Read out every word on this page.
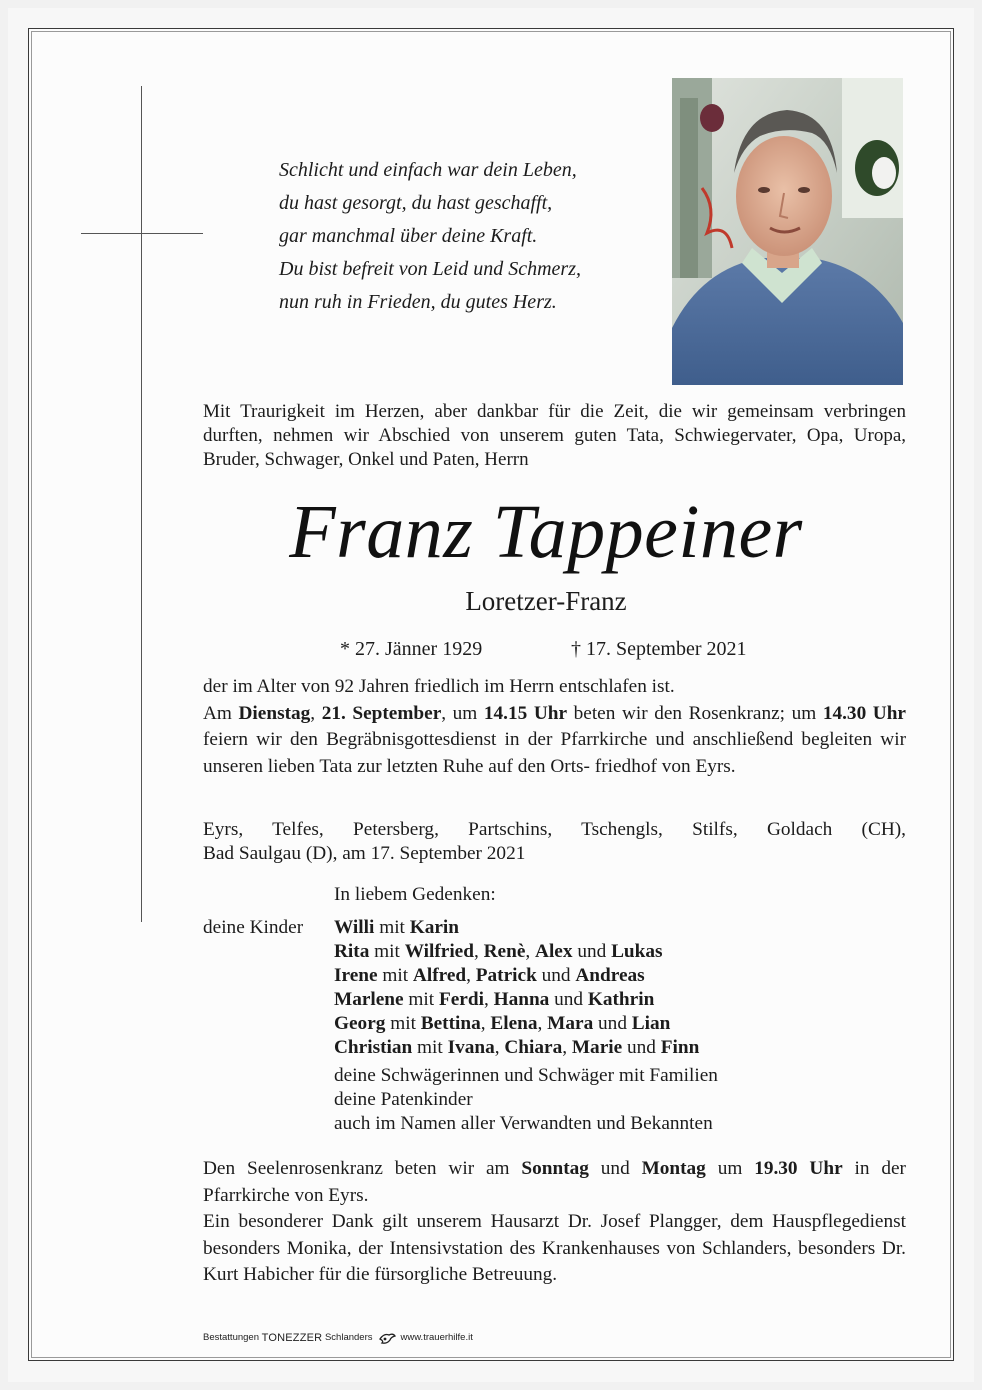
Schlicht und einfach war dein Leben,
du hast gesorgt, du hast geschafft,
gar manchmal über deine Kraft.
Du bist befreit von Leid und Schmerz,
nun ruh in Frieden, du gutes Herz.
Mit Traurigkeit im Herzen, aber dankbar für die Zeit, die wir gemeinsam verbringen durften, nehmen wir Abschied von unserem guten Tata, Schwiegervater, Opa, Uropa, Bruder, Schwager, Onkel und Paten, Herrn
Franz Tappeiner
Loretzer-Franz
* 27. Jänner 1929	† 17. September 2021
der im Alter von 92 Jahren friedlich im Herrn entschlafen ist.
Am Dienstag, 21. September, um 14.15 Uhr beten wir den Rosenkranz; um 14.30 Uhr feiern wir den Begräbnisgottesdienst in der Pfarrkirche und anschließend begleiten wir unseren lieben Tata zur letzten Ruhe auf den Orts- friedhof von Eyrs.
Eyrs, Telfes, Petersberg, Partschins, Tschengls, Stilfs, Goldach (CH),
Bad Saulgau (D), am 17. September 2021
In liebem Gedenken:
deine Kinder Willi mit Karin
Rita mit Wilfried, Renè, Alex und Lukas
Irene mit Alfred, Patrick und Andreas
Marlene mit Ferdi, Hanna und Kathrin
Georg mit Bettina, Elena, Mara und Lian
Christian mit Ivana, Chiara, Marie und Finn
deine Schwägerinnen und Schwäger mit Familien
deine Patenkinder
auch im Namen aller Verwandten und Bekannten
Den Seelenrosenkranz beten wir am Sonntag und Montag um 19.30 Uhr in der Pfarrkirche von Eyrs.
Ein besonderer Dank gilt unserem Hausarzt Dr. Josef Plangger, dem Hauspflegedienst besonders Monika, der Intensivstation des Krankenhauses von Schlanders, besonders Dr. Kurt Habicher für die fürsorgliche Betreuung.
Bestattungen
TONEZZER
Schlanders	www.trauerhilfe.it
